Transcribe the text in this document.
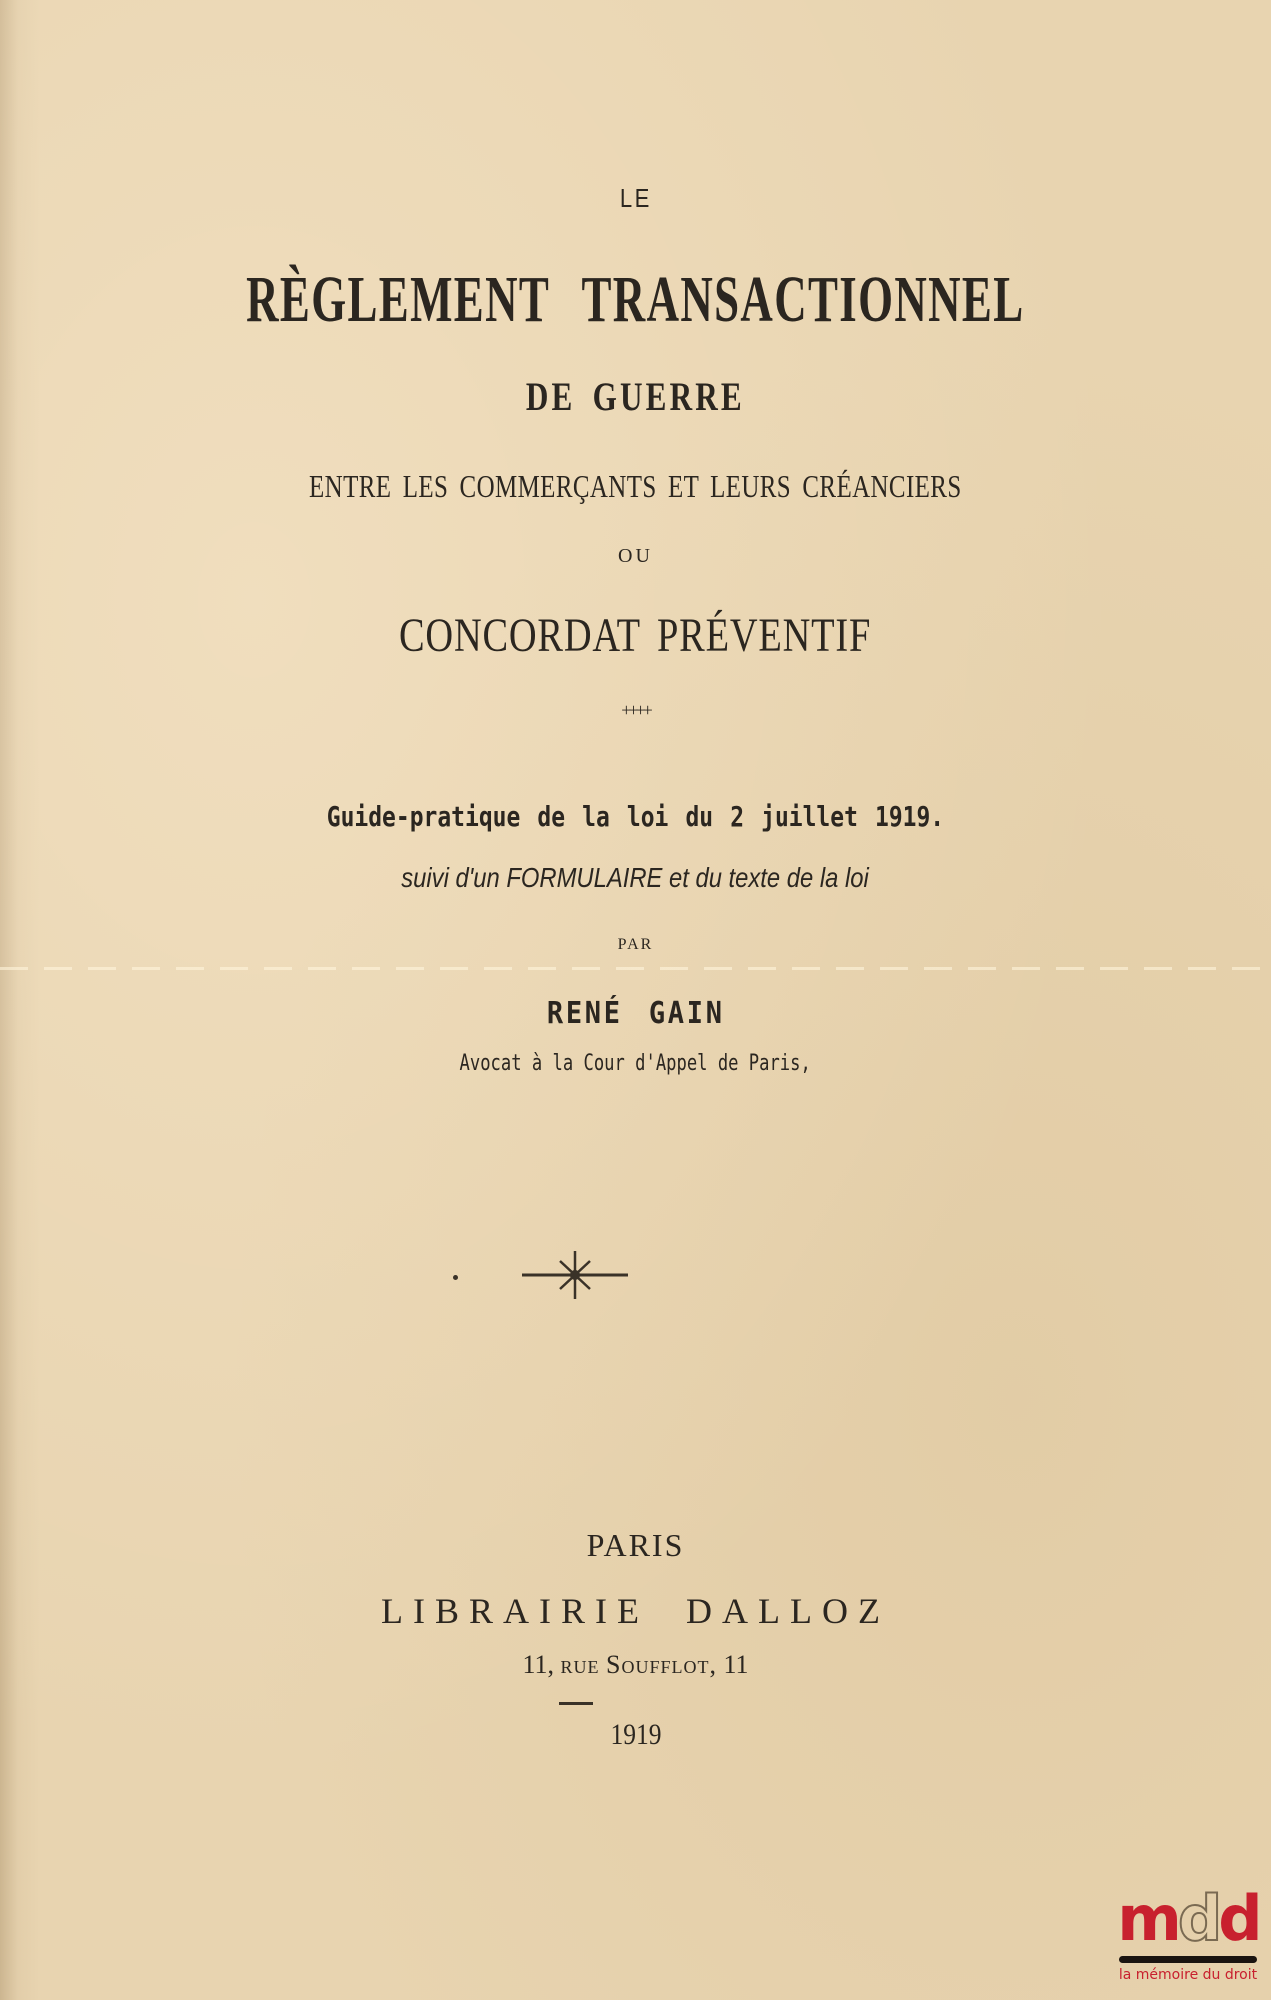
LE
RÈGLEMENT TRANSACTIONNEL
DE GUERRE
ENTRE LES COMMERÇANTS ET LEURS CRÉANCIERS
OU
CONCORDAT PRÉVENTIF
++++
Guide-pratique de la loi du 2 juillet 1919.
suivi d'un FORMULAIRE et du texte de la loi
PAR
RENÉ GAIN
Avocat à la Cour d'Appel de Paris,
PARIS
LIBRAIRIE DALLOZ
11, rue Soufflot, 11
1919
mdd
la mémoire du droit
